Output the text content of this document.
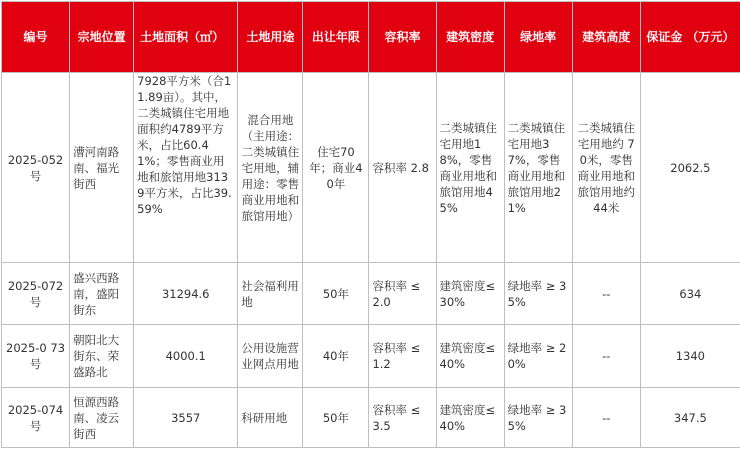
编号	宗地位置	土地面积（㎡）	土地用途	出让年限	容积率	建筑密度	绿地率	建筑高度	保证金 （万元）
2025-052号	漕河南路南、福光街西	7928平方米（合11.89亩）。其中，二类城镇住宅用地面积约4789平方米，占比60.41%；零售商业用地和旅馆用地3139平方米，占比39.59%	混合用地（主用途：二类城镇住宅用地，辅用途：零售商业用地和旅馆用地）	住宅70年；商业40年	容积率 2.8	二类城镇住宅用地18%，零售商业用地和旅馆用地45%	二类城镇住宅用地37%，零售商业用地和旅馆用地21%	二类城镇住宅用地约 70米，零售商业用地和旅馆用地约44米	2062.5
2025-072号	盛兴西路南，盛阳街东	31294.6	社会福利用地	50年	容积率 ≤ 2.0	建筑密度≤30%	绿地率 ≥ 35%	--	634
2025-0 73 号	朝阳北大街东、荣盛路北	4000.1	公用设施营业网点用地	40年	容积率 ≤ 1.2	建筑密度≤40%	绿地率 ≥ 20%	--	1340
2025-074号	恒源西路南、凌云街西	3557	科研用地	50年	容积率 ≤ 3.5	建筑密度≤40%	绿地率 ≥ 35%	--	347.5
